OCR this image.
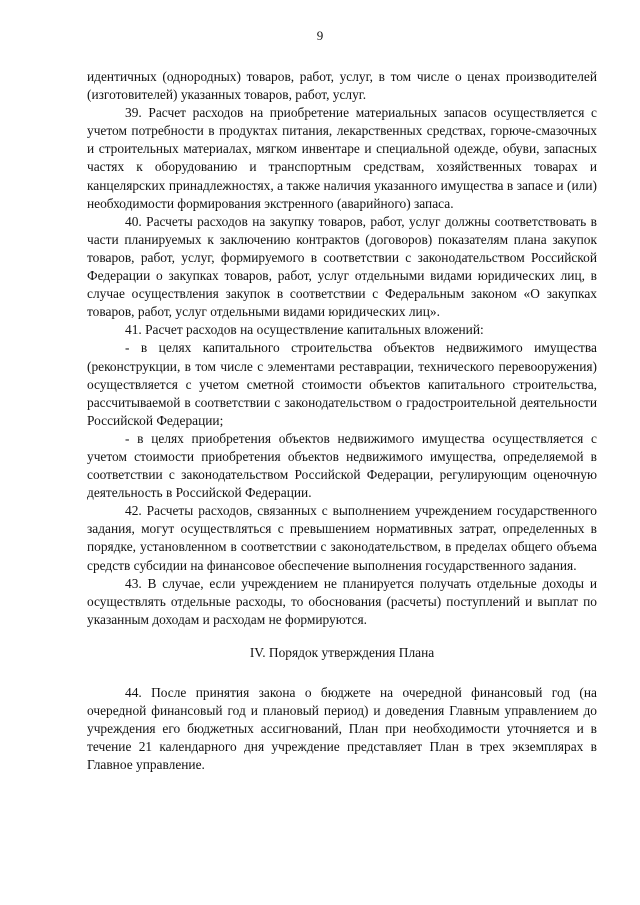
9

идентичных (однородных) товаров, работ, услуг, в том числе о ценах производителей (изготовителей) указанных товаров, работ, услуг.

39. Расчет расходов на приобретение материальных запасов осуществляется с учетом потребности в продуктах питания, лекарственных средствах, горюче-смазочных и строительных материалах, мягком инвентаре и специальной одежде, обуви, запасных частях к оборудованию и транспортным средствам, хозяйственных товарах и канцелярских принадлежностях, а также наличия указанного имущества в запасе и (или) необходимости формирования экстренного (аварийного) запаса.

40. Расчеты расходов на закупку товаров, работ, услуг должны соответствовать в части планируемых к заключению контрактов (договоров) показателям плана закупок товаров, работ, услуг, формируемого в соответствии с законодательством Российской Федерации о закупках товаров, работ, услуг отдельными видами юридических лиц, в случае осуществления закупок в соответствии с Федеральным законом «О закупках товаров, работ, услуг отдельными видами юридических лиц».

41. Расчет расходов на осуществление капитальных вложений:

- в целях капитального строительства объектов недвижимого имущества (реконструкции, в том числе с элементами реставрации, технического перевооружения) осуществляется с учетом сметной стоимости объектов капитального строительства, рассчитываемой в соответствии с законодательством о градостроительной деятельности Российской Федерации;

- в целях приобретения объектов недвижимого имущества осуществляется с учетом стоимости приобретения объектов недвижимого имущества, определяемой в соответствии с законодательством Российской Федерации, регулирующим оценочную деятельность в Российской Федерации.

42. Расчеты расходов, связанных с выполнением учреждением государственного задания, могут осуществляться с превышением нормативных затрат, определенных в порядке, установленном в соответствии с законодательством, в пределах общего объема средств субсидии на финансовое обеспечение выполнения государственного задания.

43. В случае, если учреждением не планируется получать отдельные доходы и осуществлять отдельные расходы, то обоснования (расчеты) поступлений и выплат по указанным доходам и расходам не формируются.

IV. Порядок утверждения Плана

44. После принятия закона о бюджете на очередной финансовый год (на очередной финансовый год и плановый период) и доведения Главным управлением до учреждения его бюджетных ассигнований, План при необходимости уточняется и в течение 21 календарного дня учреждение представляет План в трех экземплярах в Главное управление.
